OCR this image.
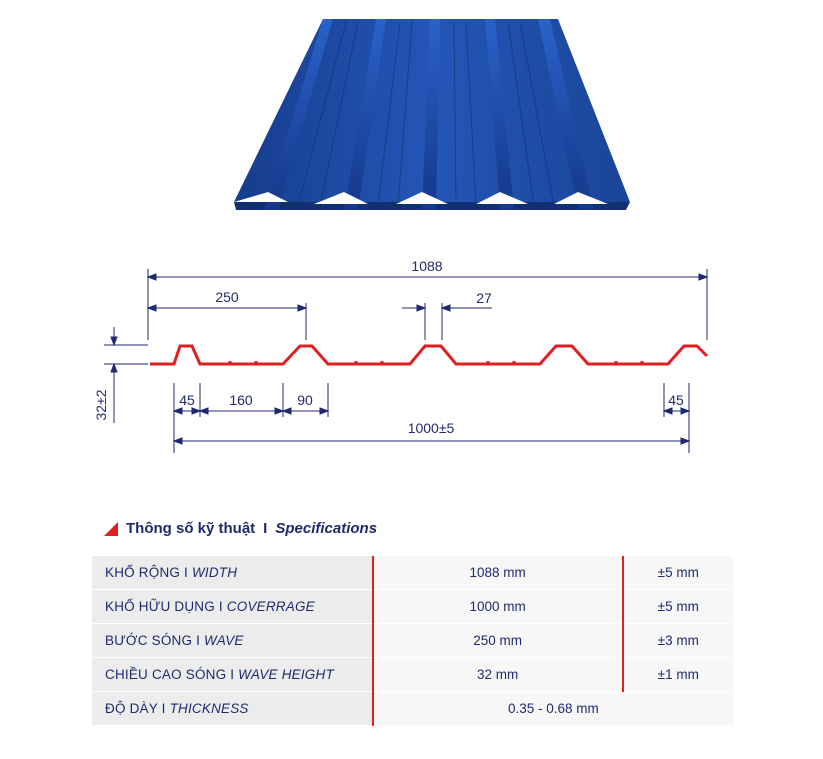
1088
250	27
32±2	45 160	90	45
1000±5
Thông số kỹ thuật I Specifications
KHỔ RỘNG I WIDTH	1088 mm	±5 mm
KHỔ HỮU DỤNG I COVERRAGE	1000 mm	±5 mm
BƯỚC SÓNG I WAVE	250 mm	±3 mm
CHIỀU CAO SÓNG I WAVE HEIGHT	32 mm	±1 mm
ĐỘ DÀY I THICKNESS	0.35 - 0.68 mm	
